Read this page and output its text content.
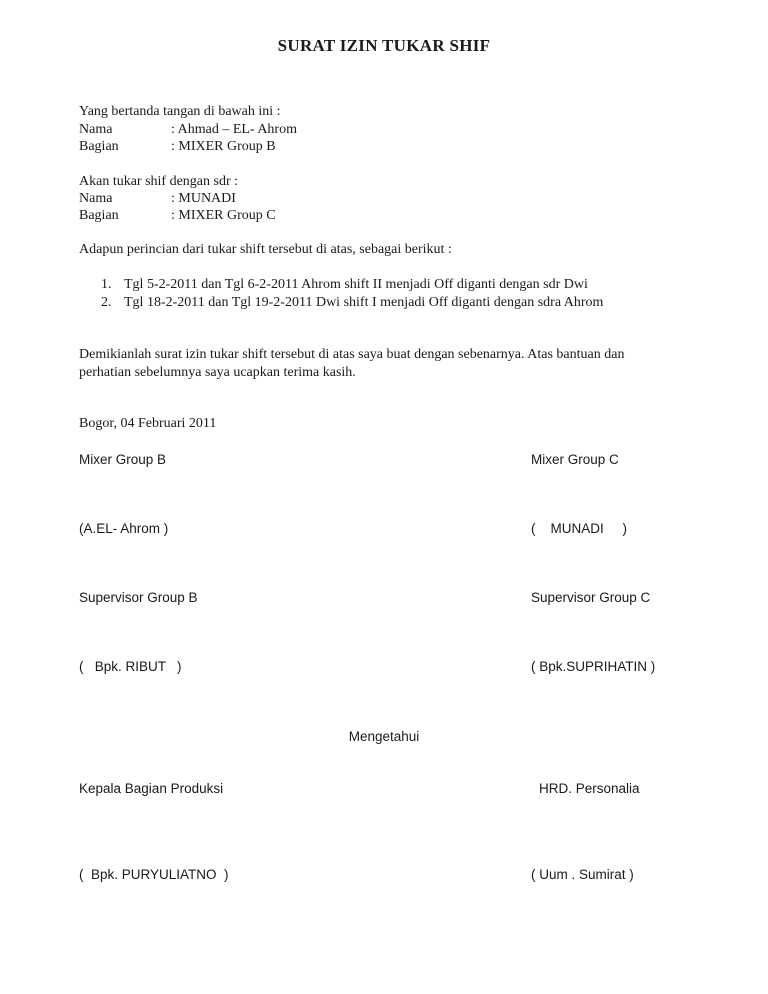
SURAT IZIN TUKAR SHIF
Yang bertanda tangan di bawah ini :
Nama	: Ahmad – EL- Ahrom
Bagian	: MIXER Group B
Akan tukar shif dengan sdr :
Nama	: MUNADI
Bagian	: MIXER Group C
Adapun perincian dari tukar shift tersebut di atas, sebagai berikut :
1. Tgl 5-2-2011 dan Tgl 6-2-2011 Ahrom shift II menjadi Off diganti dengan sdr Dwi
2. Tgl 18-2-2011 dan Tgl 19-2-2011 Dwi shift I menjadi Off diganti dengan sdra Ahrom
Demikianlah surat izin tukar shift tersebut di atas saya buat dengan sebenarnya. Atas bantuan dan
perhatian sebelumnya saya ucapkan terima kasih.
Bogor, 04 Februari 2011
Mixer Group B	Mixer Group C
(A.EL- Ahrom )	(    MUNADI     )
Supervisor Group B	Supervisor Group C
(   Bpk. RIBUT   )	( Bpk.SUPRIHATIN )
Mengetahui
Kepala Bagian Produksi	HRD. Personalia
(  Bpk. PURYULIATNO  )	( Uum . Sumirat )
